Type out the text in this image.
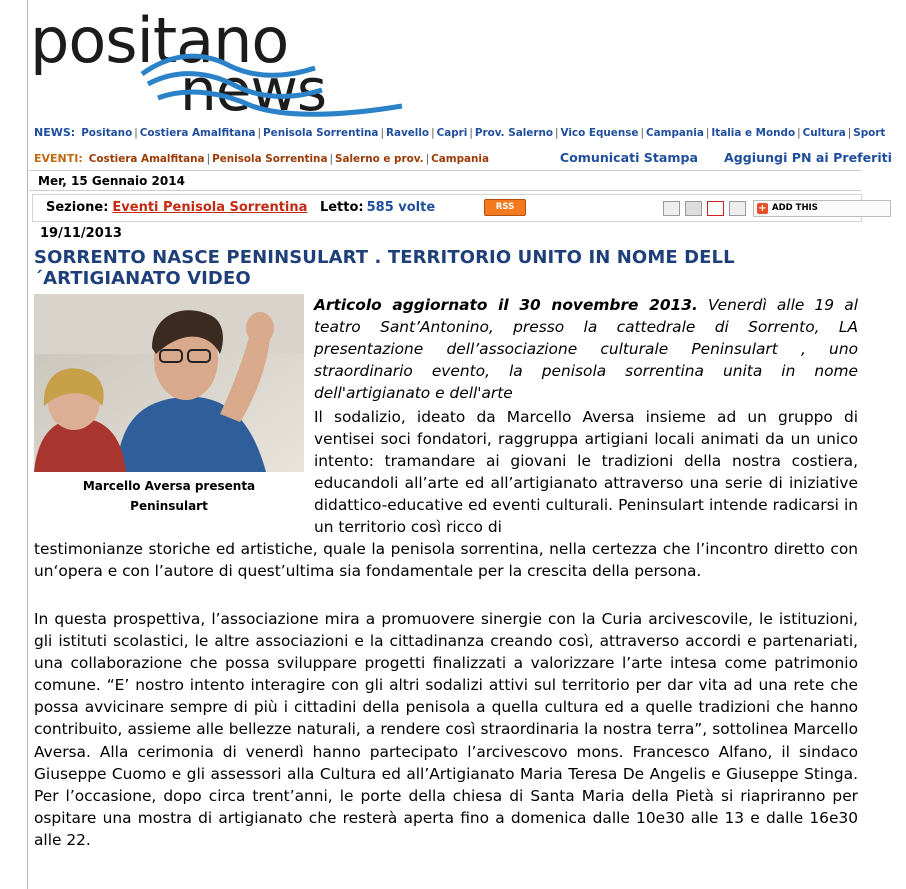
positano
news
NEWS: Positano | Costiera Amalfitana | Penisola Sorrentina | Ravello | Capri | Prov. Salerno | Vico Equense | Campania | Italia e Mondo | Cultura | Sport
EVENTI: Costiera Amalfitana | Penisola Sorrentina | Salerno e prov. | Campania	Comunicati Stampa Aggiungi PN ai Preferiti
Mer, 15 Gennaio 2014
Sezione: Eventi Penisola Sorrentina Letto: 585 volte	RSS	+ ADD THIS
19/11/2013
SORRENTO NASCE PENINSULART . TERRITORIO UNITO IN NOME DELL´ARTIGIANATO VIDEO
Marcello Aversa presenta
Peninsulart

Articolo aggiornato il 30 novembre 2013. Venerdì alle 19 al teatro Sant’Antonino, presso la cattedrale di Sorrento, LA presentazione dell’associazione culturale Peninsulart , uno straordinario evento, la penisola sorrentina unita in nome dell'artigianato e dell'arte

Il sodalizio, ideato da Marcello Aversa insieme ad un gruppo di ventisei soci fondatori, raggruppa artigiani locali animati da un unico intento: tramandare ai giovani le tradizioni della nostra costiera, educandoli all’arte ed all’artigianato attraverso una serie di iniziative didattico-educative ed eventi culturali. Peninsulart intende radicarsi in un territorio così ricco di

testimonianze storiche ed artistiche, quale la penisola sorrentina, nella certezza che l’incontro diretto con un‘opera e con l’autore di quest’ultima sia fondamentale per la crescita della persona.

In questa prospettiva, l’associazione mira a promuovere sinergie con la Curia arcivescovile, le istituzioni, gli istituti scolastici, le altre associazioni e la cittadinanza creando così, attraverso accordi e partenariati, una collaborazione che possa sviluppare progetti finalizzati a valorizzare l’arte intesa come patrimonio comune. “E’ nostro intento interagire con gli altri sodalizi attivi sul territorio per dar vita ad una rete che possa avvicinare sempre di più i cittadini della penisola a quella cultura ed a quelle tradizioni che hanno contribuito, assieme alle bellezze naturali, a rendere così straordinaria la nostra terra”, sottolinea Marcello Aversa. Alla cerimonia di venerdì hanno partecipato l’arcivescovo mons. Francesco Alfano, il sindaco Giuseppe Cuomo e gli assessori alla Cultura ed all’Artigianato Maria Teresa De Angelis e Giuseppe Stinga. Per l’occasione, dopo circa trent’anni, le porte della chiesa di Santa Maria della Pietà si riapriranno per ospitare una mostra di artigianato che resterà aperta fino a domenica dalle 10e30 alle 13 e dalle 16e30 alle 22.
